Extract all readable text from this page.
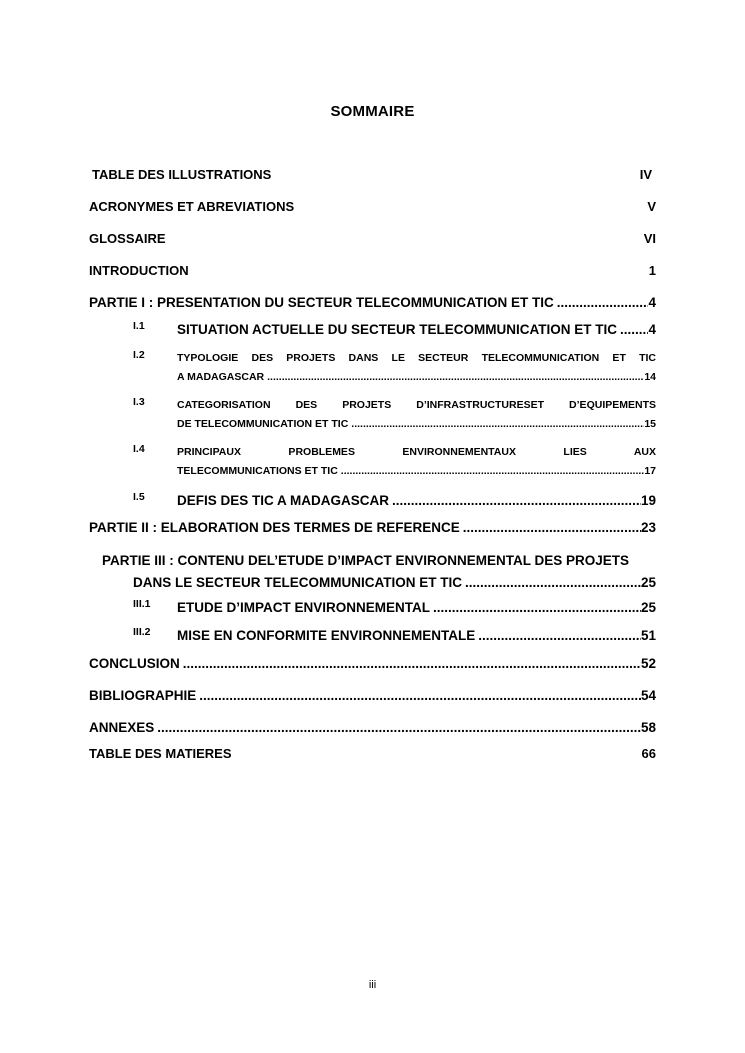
SOMMAIRE
TABLE DES ILLUSTRATIONS	IV
ACRONYMES ET ABREVIATIONS	V
GLOSSAIRE	VI
INTRODUCTION	1
PARTIE I : PRESENTATION DU SECTEUR TELECOMMUNICATION ET TIC .....	4
I.1 SITUATION ACTUELLE DU SECTEUR TELECOMMUNICATION ET TIC ..... 4
I.2	TYPOLOGIE DES PROJETS DANS LE SECTEUR TELECOMMUNICATION ET TIC
A MADAGASCAR .....	14
I.3	CATEGORISATION DES PROJETS D’INFRASTRUCTURESET D’EQUIPEMENTS
DE TELECOMMUNICATION ET TIC .....	15
I.4	PRINCIPAUX PROBLEMES ENVIRONNEMENTAUX LIES AUX
TELECOMMUNICATIONS ET TIC .....	17
I.5 DEFIS DES TIC A MADAGASCAR .....	19
PARTIE II : ELABORATION DES TERMES DE REFERENCE .....	23
PARTIE III : CONTENU DEL’ETUDE D’IMPACT ENVIRONNEMENTAL DES PROJETS
DANS LE SECTEUR TELECOMMUNICATION ET TIC .....	25
III.1 ETUDE D’IMPACT ENVIRONNEMENTAL .....	25
III.2 MISE EN CONFORMITE ENVIRONNEMENTALE .....	51
CONCLUSION .....	52
BIBLIOGRAPHIE .....	54
ANNEXES .....	58
TABLE DES MATIERES	66
iii
